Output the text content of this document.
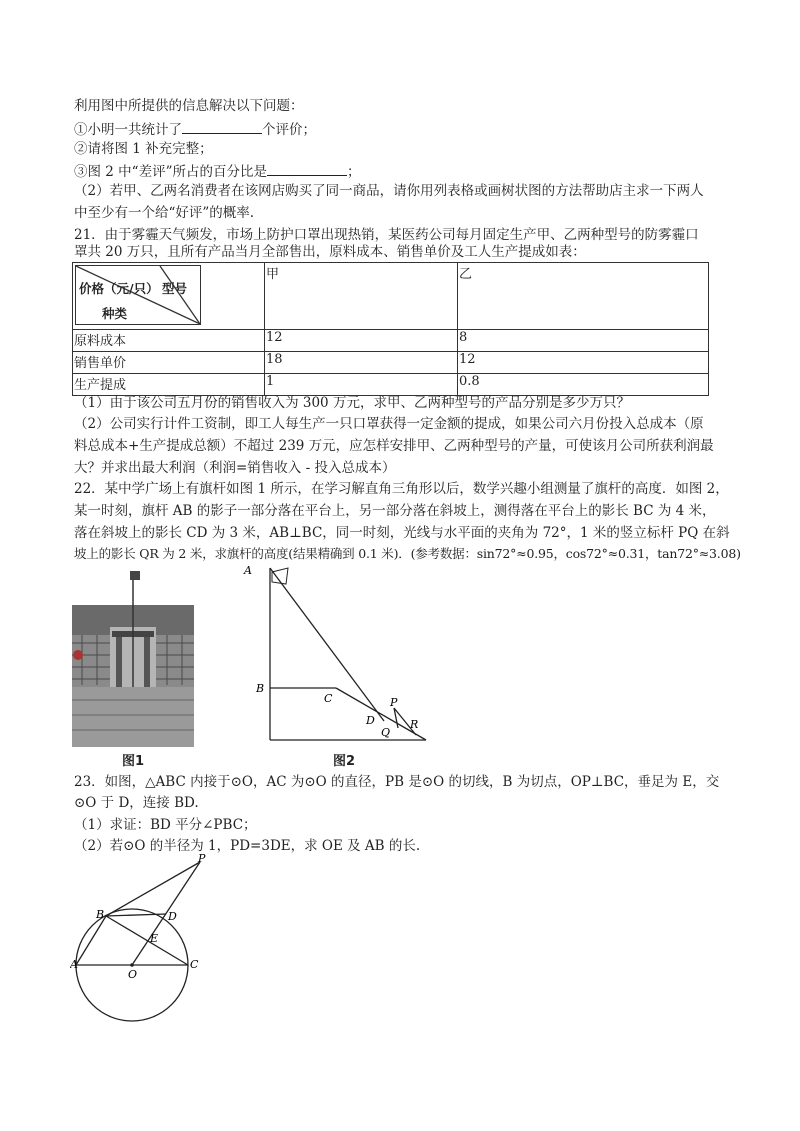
利用图中所提供的信息解决以下问题：
①小明一共统计了	个评价；
②请将图 1 补充完整；
③图 2 中“差评”所占的百分比是	；
（2）若甲、乙两名消费者在该网店购买了同一商品，请你用列表格或画树状图的方法帮助店主求一下两人
中至少有一个给“好评”的概率.
21．由于雾霾天气频发，市场上防护口罩出现热销，某医药公司每月固定生产甲、乙两种型号的防雾霾口
罩共 20 万只，且所有产品当月全部售出，原料成本、销售单价及工人生产提成如表：
价格（元/只） 型号
种类	甲	乙
原料成本	12	8
销售单价	18	12
生产提成	1	0.8
（1）由于该公司五月份的销售收入为 300 万元，求甲、乙两种型号的产品分别是多少万只？
（2）公司实行计件工资制，即工人每生产一只口罩获得一定金额的提成，如果公司六月份投入总成本（原
料总成本+生产提成总额）不超过 239 万元，应怎样安排甲、乙两种型号的产量，可使该月公司所获利润最
大？并求出最大利润（利润=销售收入 - 投入总成本）
22．某中学广场上有旗杆如图 1 所示，在学习解直角三角形以后，数学兴趣小组测量了旗杆的高度．如图 2，
某一时刻，旗杆 AB 的影子一部分落在平台上，另一部分落在斜坡上，测得落在平台上的影长 BC 为 4 米，
落在斜坡上的影长 CD 为 3 米，AB⊥BC，同一时刻，光线与水平面的夹角为 72°，1 米的竖立标杆 PQ 在斜
坡上的影长 QR 为 2 米，求旗杆的高度(结果精确到 0.1 米)．(参考数据：sin72°≈0.95，cos72°≈0.31，tan72°≈3.08)
图1
A
B
C
D
P
Q
R
图2
23．如图，△ABC 内接于⊙O，AC 为⊙O 的直径，PB 是⊙O 的切线，B 为切点，OP⊥BC，垂足为 E，交
⊙O 于 D，连接 BD.
（1）求证：BD 平分∠PBC；
（2）若⊙O 的半径为 1，PD=3DE，求 OE 及 AB 的长.
P
B	D
E
A
O
C
